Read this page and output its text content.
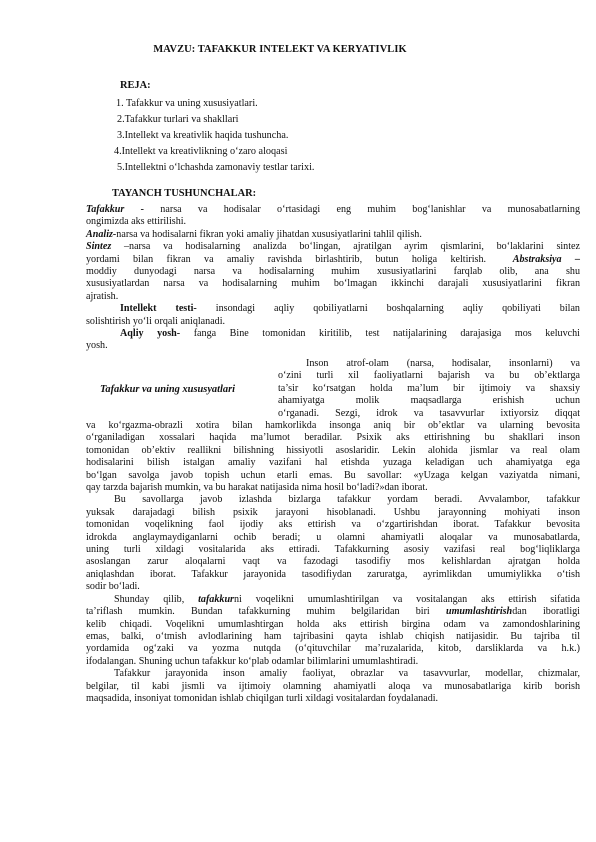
MAVZU: TAFAKKUR INTELEKT VA KERYATIVLIK
REJA:
1. Tafakkur va uning xususiyatlari.
2.Tafakkur turlari va shakllari
3.Intellekt va kreativlik haqida tushuncha.
4.Intellekt va kreativlikning o‘zaro aloqasi
5.Intellektni o‘lchashda zamonaviy testlar tarixi.
TAYANCH TUSHUNCHALAR:

Tafakkur - narsa va hodisalar o‘rtasidagi eng muhim bog‘lanishlar va munosabatlarning

ongimizda aks ettirilishi.

Analiz-narsa va hodisalarni fikran yoki amaliy jihatdan xususiyatlarini tahlil qilish.

Sintez –narsa va hodisalarning analizda bo‘lingan, ajratilgan ayrim qismlarini, bo‘laklarini sintez

yordami bilan fikran va amaliy ravishda birlashtirib, butun holiga keltirish.	Abstraksiya –

moddiy dunyodagi narsa va hodisalarning muhim xususiyatlarini farqlab olib, ana shu

xususiyatlardan narsa va hodisalarning muhim bo‘lmagan ikkinchi darajali xususiyatlarini fikran

ajratish.

Intellekt testi- insondagi aqliy qobiliyatlarni boshqalarning aqliy qobiliyati bilan

solishtirish yo‘li orqali aniqlanadi.

Aqliy yosh- fanga Bine tomonidan kiritilib, test natijalarining darajasiga mos keluvchi

yosh.

Tafakkur va uning xususyatlari

Inson atrof-olam (narsa, hodisalar, insonlarni) va

o‘zini turli xil faoliyatlarni bajarish va bu ob’ektlarga

ta’sir ko‘rsatgan holda ma’lum bir ijtimoiy va shaxsiy

ahamiyatga molik maqsadlarga erishish uchun

o‘rganadi. Sezgi, idrok va tasavvurlar ixtiyorsiz diqqat

va ko‘rgazma-obrazli xotira bilan hamkorlikda insonga aniq bir ob’ektlar va ularning bevosita

o‘rganiladigan xossalari haqida ma’lumot beradilar. Psixik aks ettirishning bu shakllari inson

tomonidan ob’ektiv reallikni bilishning hissiyotli asoslaridir. Lekin alohida jismlar va real olam

hodisalarini bilish istalgan amaliy vazifani hal etishda yuzaga keladigan uch ahamiyatga ega

bo‘lgan savolga javob topish uchun etarli emas. Bu savollar: «yUzaga kelgan vaziyatda nimani,

qay tarzda bajarish mumkin, va bu harakat natijasida nima hosil bo‘ladi?»dan iborat.

Bu savollarga javob izlashda bizlarga tafakkur yordam beradi. Avvalambor, tafakkur

yuksak darajadagi bilish psixik jarayoni hisoblanadi. Ushbu jarayonning mohiyati inson

tomonidan voqelikning faol ijodiy aks ettirish va o‘zgartirishdan iborat. Tafakkur bevosita

idrokda anglaymaydiganlarni ochib beradi; u olamni ahamiyatli aloqalar va munosabatlarda,

uning turli xildagi vositalarida aks ettiradi. Tafakkurning asosiy vazifasi real bog‘liqliklarga

asoslangan zarur aloqalarni vaqt va fazodagi tasodifiy mos kelishlardan ajratgan holda

aniqlashdan iborat. Tafakkur jarayonida tasodifiydan zaruratga, ayrimlikdan umumiylikka o‘tish

sodir bo‘ladi.

Shunday qilib, tafakkurni voqelikni umumlashtirilgan va vositalangan aks ettirish sifatida

ta’riflash mumkin. Bundan tafakkurning muhim belgilaridan biri umumlashtirishdan iboratligi

kelib chiqadi. Voqelikni umumlashtirgan holda aks ettirish birgina odam va zamondoshlarining

emas, balki, o‘tmish avlodlarining ham tajribasini qayta ishlab chiqish natijasidir. Bu tajriba til

yordamida og‘zaki va yozma nutqda (o‘qituvchilar ma’ruzalarida, kitob, darsliklarda va h.k.)

ifodalangan. Shuning uchun tafakkur ko‘plab odamlar bilimlarini umumlashtiradi.

Tafakkur jarayonida inson amaliy faoliyat, obrazlar va tasavvurlar, modellar, chizmalar,

belgilar, til kabi jismli va ijtimoiy olamning ahamiyatli aloqa va munosabatlariga kirib borish

maqsadida, insoniyat tomonidan ishlab chiqilgan turli xildagi vositalardan foydalanadi.
